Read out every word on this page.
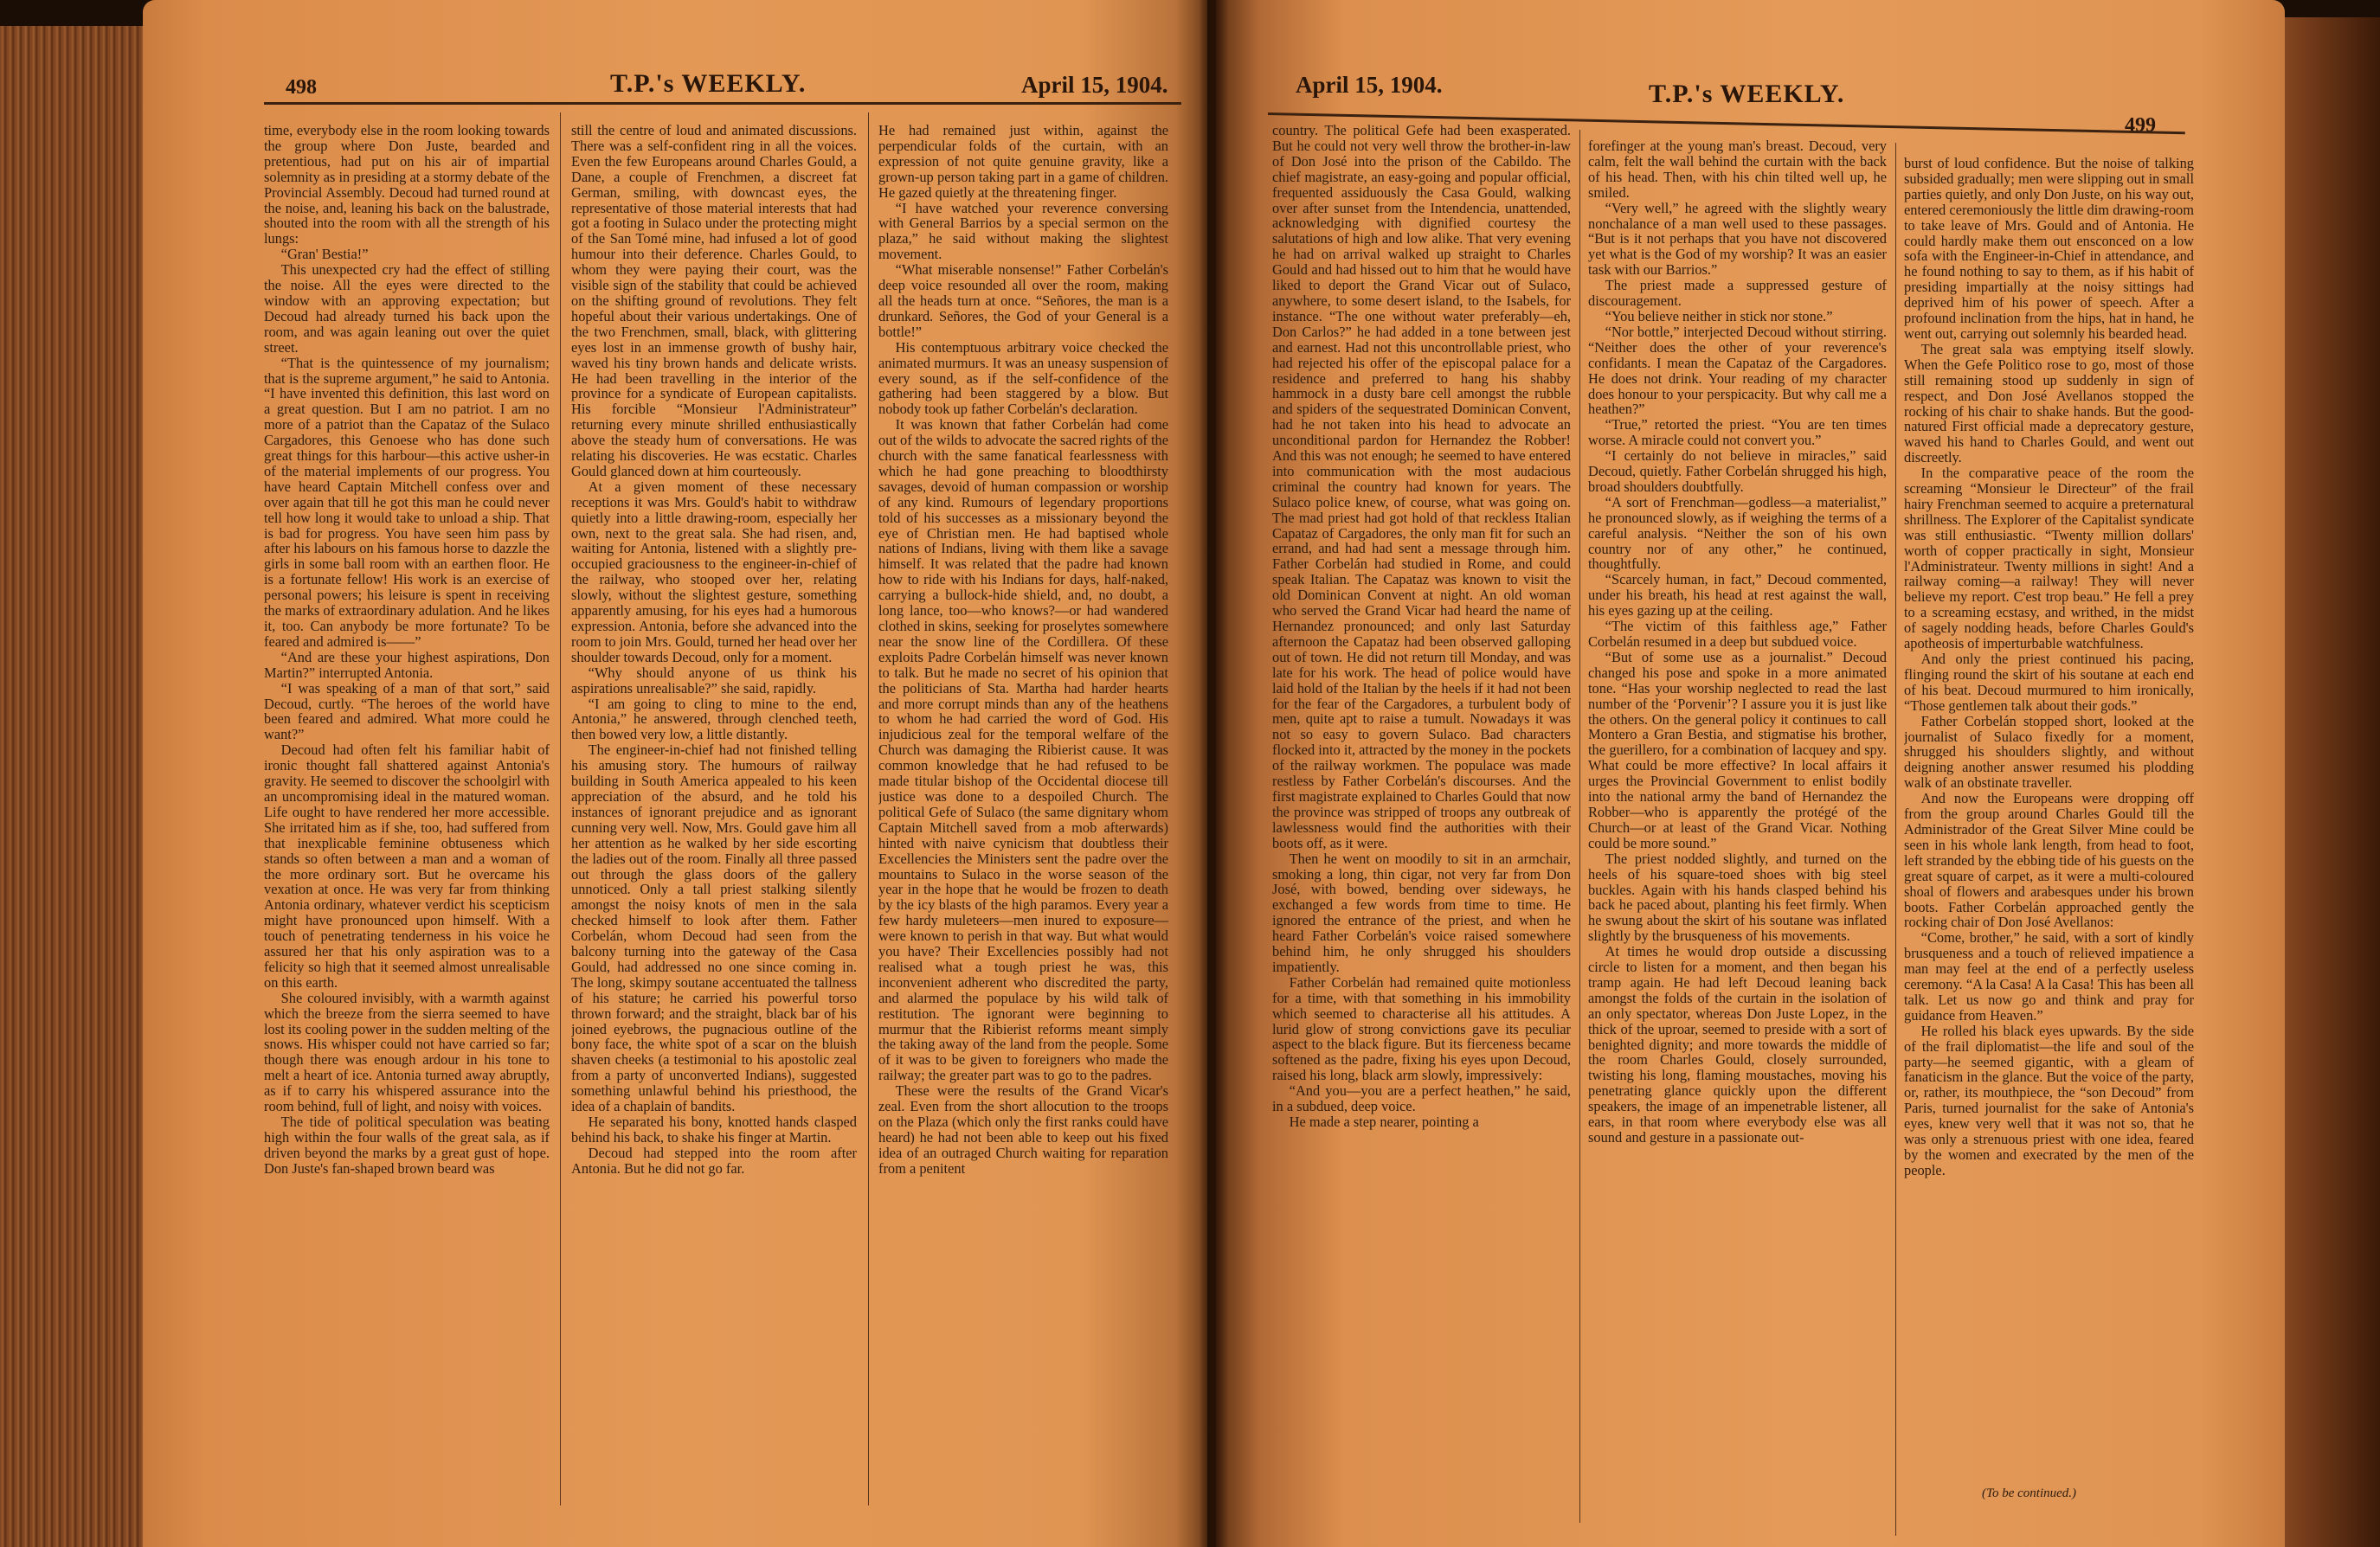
498	T.P.'s WEEKLY.	April 15, 1904.

time, everybody else in the room looking towards the group where Don Juste, bearded and pretentious, had put on his air of impartial solemnity as in presiding at a stormy debate of the Provincial Assembly. Decoud had turned round at the noise, and, leaning his back on the balustrade, shouted into the room with all the strength of his lungs:

“Gran' Bestia!”

This unexpected cry had the effect of stilling the noise. All the eyes were directed to the window with an approving expectation; but Decoud had already turned his back upon the room, and was again leaning out over the quiet street.

“That is the quintessence of my journalism; that is the supreme argument,” he said to Antonia. “I have invented this definition, this last word on a great question. But I am no patriot. I am no more of a patriot than the Capataz of the Sulaco Cargadores, this Genoese who has done such great things for this harbour—this active usher-in of the material implements of our progress. You have heard Captain Mitchell confess over and over again that till he got this man he could never tell how long it would take to unload a ship. That is bad for progress. You have seen him pass by after his labours on his famous horse to dazzle the girls in some ball room with an earthen floor. He is a fortunate fellow! His work is an exercise of personal powers; his leisure is spent in receiving the marks of extraordinary adulation. And he likes it, too. Can anybody be more fortunate? To be feared and admired is——”

“And are these your highest aspirations, Don Martin?” interrupted Antonia.

“I was speaking of a man of that sort,” said Decoud, curtly. “The heroes of the world have been feared and admired. What more could he want?”

Decoud had often felt his familiar habit of ironic thought fall shattered against Antonia's gravity. He seemed to discover the schoolgirl with an uncompromising ideal in the matured woman. Life ought to have rendered her more accessible. She irritated him as if she, too, had suffered from that inexplicable feminine obtuseness which stands so often between a man and a woman of the more ordinary sort. But he overcame his vexation at once. He was very far from thinking Antonia ordinary, whatever verdict his scepticism might have pronounced upon himself. With a touch of penetrating tenderness in his voice he assured her that his only aspiration was to a felicity so high that it seemed almost unrealisable on this earth.

She coloured invisibly, with a warmth against which the breeze from the sierra seemed to have lost its cooling power in the sudden melting of the snows. His whisper could not have carried so far; though there was enough ardour in his tone to melt a heart of ice. Antonia turned away abruptly, as if to carry his whispered assurance into the room behind, full of light, and noisy with voices.

The tide of political speculation was beating high within the four walls of the great sala, as if driven beyond the marks by a great gust of hope. Don Juste's fan-shaped brown beard was

still the centre of loud and animated discussions. There was a self-confident ring in all the voices. Even the few Europeans around Charles Gould, a Dane, a couple of Frenchmen, a discreet fat German, smiling, with downcast eyes, the representative of those material interests that had got a footing in Sulaco under the protecting might of the San Tomé mine, had infused a lot of good humour into their deference. Charles Gould, to whom they were paying their court, was the visible sign of the stability that could be achieved on the shifting ground of revolutions. They felt hopeful about their various undertakings. One of the two Frenchmen, small, black, with glittering eyes lost in an immense growth of bushy hair, waved his tiny brown hands and delicate wrists. He had been travelling in the interior of the province for a syndicate of European capitalists. His forcible “Monsieur l'Administrateur” returning every minute shrilled enthusiastically above the steady hum of conversations. He was relating his discoveries. He was ecstatic. Charles Gould glanced down at him courteously.

At a given moment of these necessary receptions it was Mrs. Gould's habit to withdraw quietly into a little drawing-room, especially her own, next to the great sala. She had risen, and, waiting for Antonia, listened with a slightly pre-occupied graciousness to the engineer-in-chief of the railway, who stooped over her, relating slowly, without the slightest gesture, something apparently amusing, for his eyes had a humorous expression. Antonia, before she advanced into the room to join Mrs. Gould, turned her head over her shoulder towards Decoud, only for a moment.

“Why should anyone of us think his aspirations unrealisable?” she said, rapidly.

“I am going to cling to mine to the end, Antonia,” he answered, through clenched teeth, then bowed very low, a little distantly.

The engineer-in-chief had not finished telling his amusing story. The humours of railway building in South America appealed to his keen appreciation of the absurd, and he told his instances of ignorant prejudice and as ignorant cunning very well. Now, Mrs. Gould gave him all her attention as he walked by her side escorting the ladies out of the room. Finally all three passed out through the glass doors of the gallery unnoticed. Only a tall priest stalking silently amongst the noisy knots of men in the sala checked himself to look after them. Father Corbelán, whom Decoud had seen from the balcony turning into the gateway of the Casa Gould, had addressed no one since coming in. The long, skimpy soutane accentuated the tallness of his stature; he carried his powerful torso thrown forward; and the straight, black bar of his joined eyebrows, the pugnacious outline of the bony face, the white spot of a scar on the bluish shaven cheeks (a testimonial to his apostolic zeal from a party of unconverted Indians), suggested something unlawful behind his priesthood, the idea of a chaplain of bandits.

He separated his bony, knotted hands clasped behind his back, to shake his finger at Martin.

Decoud had stepped into the room after Antonia. But he did not go far.

He had remained just within, against the perpendicular folds of the curtain, with an expression of not quite genuine gravity, like a grown-up person taking part in a game of children. He gazed quietly at the threatening finger.

“I have watched your reverence conversing with General Barrios by a special sermon on the plaza,” he said without making the slightest movement.

“What miserable nonsense!” Father Corbelán's deep voice resounded all over the room, making all the heads turn at once. “Señores, the man is a drunkard. Señores, the God of your General is a bottle!”

His contemptuous arbitrary voice checked the animated murmurs. It was an uneasy suspension of every sound, as if the self-confidence of the gathering had been staggered by a blow. But nobody took up father Corbelán's declaration.

It was known that father Corbelán had come out of the wilds to advocate the sacred rights of the church with the same fanatical fearlessness with which he had gone preaching to bloodthirsty savages, devoid of human compassion or worship of any kind. Rumours of legendary proportions told of his successes as a missionary beyond the eye of Christian men. He had baptised whole nations of Indians, living with them like a savage himself. It was related that the padre had known how to ride with his Indians for days, half-naked, carrying a bullock-hide shield, and, no doubt, a long lance, too—who knows?—or had wandered clothed in skins, seeking for proselytes somewhere near the snow line of the Cordillera. Of these exploits Padre Corbelán himself was never known to talk. But he made no secret of his opinion that the politicians of Sta. Martha had harder hearts and more corrupt minds than any of the heathens to whom he had carried the word of God. His injudicious zeal for the temporal welfare of the Church was damaging the Ribierist cause. It was common knowledge that he had refused to be made titular bishop of the Occidental diocese till justice was done to a despoiled Church. The political Gefe of Sulaco (the same dignitary whom Captain Mitchell saved from a mob afterwards) hinted with naive cynicism that doubtless their Excellencies the Ministers sent the padre over the mountains to Sulaco in the worse season of the year in the hope that he would be frozen to death by the icy blasts of the high paramos. Every year a few hardy muleteers—men inured to exposure—were known to perish in that way. But what would you have? Their Excellencies possibly had not realised what a tough priest he was, this inconvenient adherent who discredited the party, and alarmed the populace by his wild talk of restitution. The ignorant were beginning to murmur that the Ribierist reforms meant simply the taking away of the land from the people. Some of it was to be given to foreigners who made the railway; the greater part was to go to the padres.

These were the results of the Grand Vicar's zeal. Even from the short allocution to the troops on the Plaza (which only the first ranks could have heard) he had not been able to keep out his fixed idea of an outraged Church waiting for reparation from a penitent

April 15, 1904.	T.P.'s WEEKLY.
499

country. The political Gefe had been exasperated. But he could not very well throw the brother-in-law of Don José into the prison of the Cabildo. The chief magistrate, an easy-going and popular official, frequented assiduously the Casa Gould, walking over after sunset from the Intendencia, unattended, acknowledging with dignified courtesy the salutations of high and low alike. That very evening he had on arrival walked up straight to Charles Gould and had hissed out to him that he would have liked to deport the Grand Vicar out of Sulaco, anywhere, to some desert island, to the Isabels, for instance. “The one without water preferably—eh, Don Carlos?” he had added in a tone between jest and earnest. Had not this uncontrollable priest, who had rejected his offer of the episcopal palace for a residence and preferred to hang his shabby hammock in a dusty bare cell amongst the rubble and spiders of the sequestrated Dominican Convent, had he not taken into his head to advocate an unconditional pardon for Hernandez the Robber! And this was not enough; he seemed to have entered into communication with the most audacious criminal the country had known for years. The Sulaco police knew, of course, what was going on. The mad priest had got hold of that reckless Italian Capataz of Cargadores, the only man fit for such an errand, and had had sent a message through him. Father Corbelán had studied in Rome, and could speak Italian. The Capataz was known to visit the old Dominican Convent at night. An old woman who served the Grand Vicar had heard the name of Hernandez pronounced; and only last Saturday afternoon the Capataz had been observed galloping out of town. He did not return till Monday, and was late for his work. The head of police would have laid hold of the Italian by the heels if it had not been for the fear of the Cargadores, a turbulent body of men, quite apt to raise a tumult. Nowadays it was not so easy to govern Sulaco. Bad characters flocked into it, attracted by the money in the pockets of the railway workmen. The populace was made restless by Father Corbelán's discourses. And the first magistrate explained to Charles Gould that now the province was stripped of troops any outbreak of lawlessness would find the authorities with their boots off, as it were.

Then he went on moodily to sit in an armchair, smoking a long, thin cigar, not very far from Don José, with bowed, bending over sideways, he exchanged a few words from time to time. He ignored the entrance of the priest, and when he heard Father Corbelán's voice raised somewhere behind him, he only shrugged his shoulders impatiently.

Father Corbelán had remained quite motionless for a time, with that something in his immobility which seemed to characterise all his attitudes. A lurid glow of strong convictions gave its peculiar aspect to the black figure. But its fierceness became softened as the padre, fixing his eyes upon Decoud, raised his long, black arm slowly, impressively:

“And you—you are a perfect heathen,” he said, in a subdued, deep voice.

He made a step nearer, pointing a

forefinger at the young man's breast. Decoud, very calm, felt the wall behind the curtain with the back of his head. Then, with his chin tilted well up, he smiled.

“Very well,” he agreed with the slightly weary nonchalance of a man well used to these passages. “But is it not perhaps that you have not discovered yet what is the God of my worship? It was an easier task with our Barrios.”

The priest made a suppressed gesture of discouragement.

“You believe neither in stick nor stone.”

“Nor bottle,” interjected Decoud without stirring. “Neither does the other of your reverence's confidants. I mean the Capataz of the Cargadores. He does not drink. Your reading of my character does honour to your perspicacity. But why call me a heathen?”

“True,” retorted the priest. “You are ten times worse. A miracle could not convert you.”

“I certainly do not believe in miracles,” said Decoud, quietly. Father Corbelán shrugged his high, broad shoulders doubtfully.

“A sort of Frenchman—godless—a materialist,” he pronounced slowly, as if weighing the terms of a careful analysis. “Neither the son of his own country nor of any other,” he continued, thoughtfully.

“Scarcely human, in fact,” Decoud commented, under his breath, his head at rest against the wall, his eyes gazing up at the ceiling.

“The victim of this faithless age,” Father Corbelán resumed in a deep but subdued voice.

“But of some use as a journalist.” Decoud changed his pose and spoke in a more animated tone. “Has your worship neglected to read the last number of the ‘Porvenir’? I assure you it is just like the others. On the general policy it continues to call Montero a Gran Bestia, and stigmatise his brother, the guerillero, for a combination of lacquey and spy. What could be more effective? In local affairs it urges the Provincial Government to enlist bodily into the national army the band of Hernandez the Robber—who is apparently the protégé of the Church—or at least of the Grand Vicar. Nothing could be more sound.”

The priest nodded slightly, and turned on the heels of his square-toed shoes with big steel buckles. Again with his hands clasped behind his back he paced about, planting his feet firmly. When he swung about the skirt of his soutane was inflated slightly by the brusqueness of his movements.

At times he would drop outside a discussing circle to listen for a moment, and then began his tramp again. He had left Decoud leaning back amongst the folds of the curtain in the isolation of an only spectator, whereas Don Juste Lopez, in the thick of the uproar, seemed to preside with a sort of benighted dignity; and more towards the middle of the room Charles Gould, closely surrounded, twisting his long, flaming moustaches, moving his penetrating glance quickly upon the different speakers, the image of an impenetrable listener, all ears, in that room where everybody else was all sound and gesture in a passionate out-

burst of loud confidence. But the noise of talking subsided gradually; men were slipping out in small parties quietly, and only Don Juste, on his way out, entered ceremoniously the little dim drawing-room to take leave of Mrs. Gould and of Antonia. He could hardly make them out ensconced on a low sofa with the Engineer-in-Chief in attendance, and he found nothing to say to them, as if his habit of presiding impartially at the noisy sittings had deprived him of his power of speech. After a profound inclination from the hips, hat in hand, he went out, carrying out solemnly his bearded head.

The great sala was emptying itself slowly. When the Gefe Politico rose to go, most of those still remaining stood up suddenly in sign of respect, and Don José Avellanos stopped the rocking of his chair to shake hands. But the good-natured First official made a deprecatory gesture, waved his hand to Charles Gould, and went out discreetly.

In the comparative peace of the room the screaming “Monsieur le Directeur” of the frail hairy Frenchman seemed to acquire a preternatural shrillness. The Explorer of the Capitalist syndicate was still enthusiastic. “Twenty million dollars' worth of copper practically in sight, Monsieur l'Administrateur. Twenty millions in sight! And a railway coming—a railway! They will never believe my report. C'est trop beau.” He fell a prey to a screaming ecstasy, and writhed, in the midst of sagely nodding heads, before Charles Gould's apotheosis of imperturbable watchfulness.

And only the priest continued his pacing, flinging round the skirt of his soutane at each end of his beat. Decoud murmured to him ironically, “Those gentlemen talk about their gods.”

Father Corbelán stopped short, looked at the journalist of Sulaco fixedly for a moment, shrugged his shoulders slightly, and without deigning another answer resumed his plodding walk of an obstinate traveller.

And now the Europeans were dropping off from the group around Charles Gould till the Administrador of the Great Silver Mine could be seen in his whole lank length, from head to foot, left stranded by the ebbing tide of his guests on the great square of carpet, as it were a multi-coloured shoal of flowers and arabesques under his brown boots. Father Corbelán approached gently the rocking chair of Don José Avellanos:

“Come, brother,” he said, with a sort of kindly brusqueness and a touch of relieved impatience a man may feel at the end of a perfectly useless ceremony. “A la Casa! A la Casa! This has been all talk. Let us now go and think and pray for guidance from Heaven.”

He rolled his black eyes upwards. By the side of the frail diplomatist—the life and soul of the party—he seemed gigantic, with a gleam of fanaticism in the glance. But the voice of the party, or, rather, its mouthpiece, the “son Decoud” from Paris, turned journalist for the sake of Antonia's eyes, knew very well that it was not so, that he was only a strenuous priest with one idea, feared by the women and execrated by the men of the people.

(To be continued.)
